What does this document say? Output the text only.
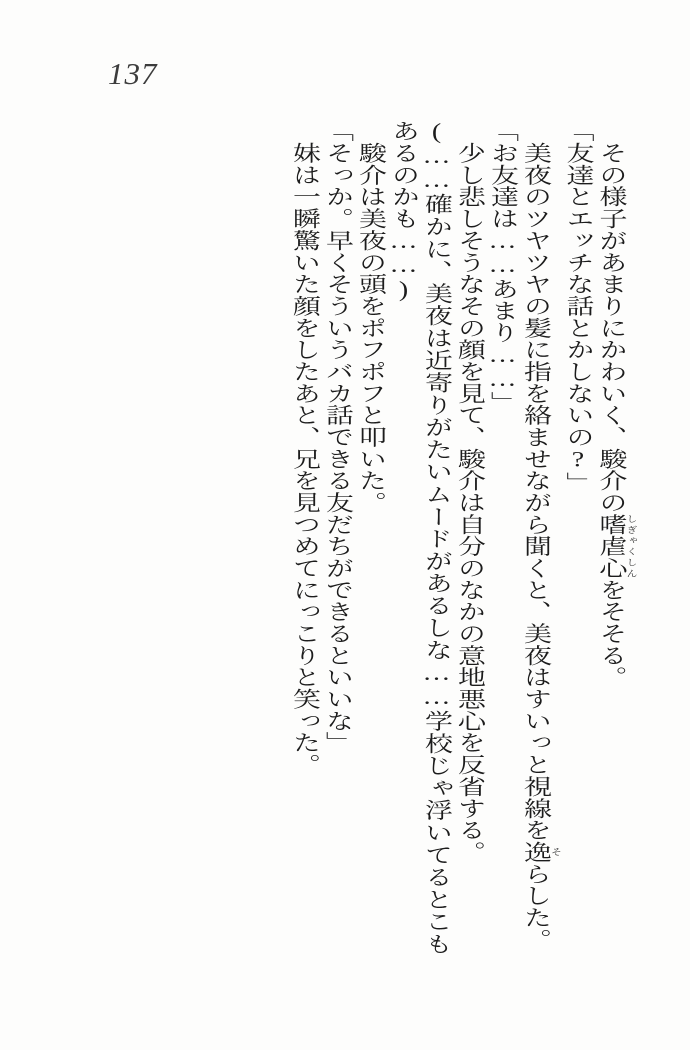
137

その様子があまりにかわいく、駿介の嗜虐心しぎゃくしんをそそる。

「友達とエッチな話とかしないの?」

美夜のツヤツヤの髪に指を絡ませながら聞くと、美夜はすいっと視線を逸そらした。

「お友達は……あまり……」

少し悲しそうなその顔を見て、駿介は自分のなかの意地悪心を反省する。

(……確かに、美夜は近寄りがたいムードがあるしな……学校じゃ浮いてるとこもあるのかも……)

駿介は美夜の頭をポフポフと叩いた。

「そっか。早くそういうバカ話できる友だちができるといいな」

妹は一瞬驚いた顔をしたあと、兄を見つめてにっこりと笑った。
